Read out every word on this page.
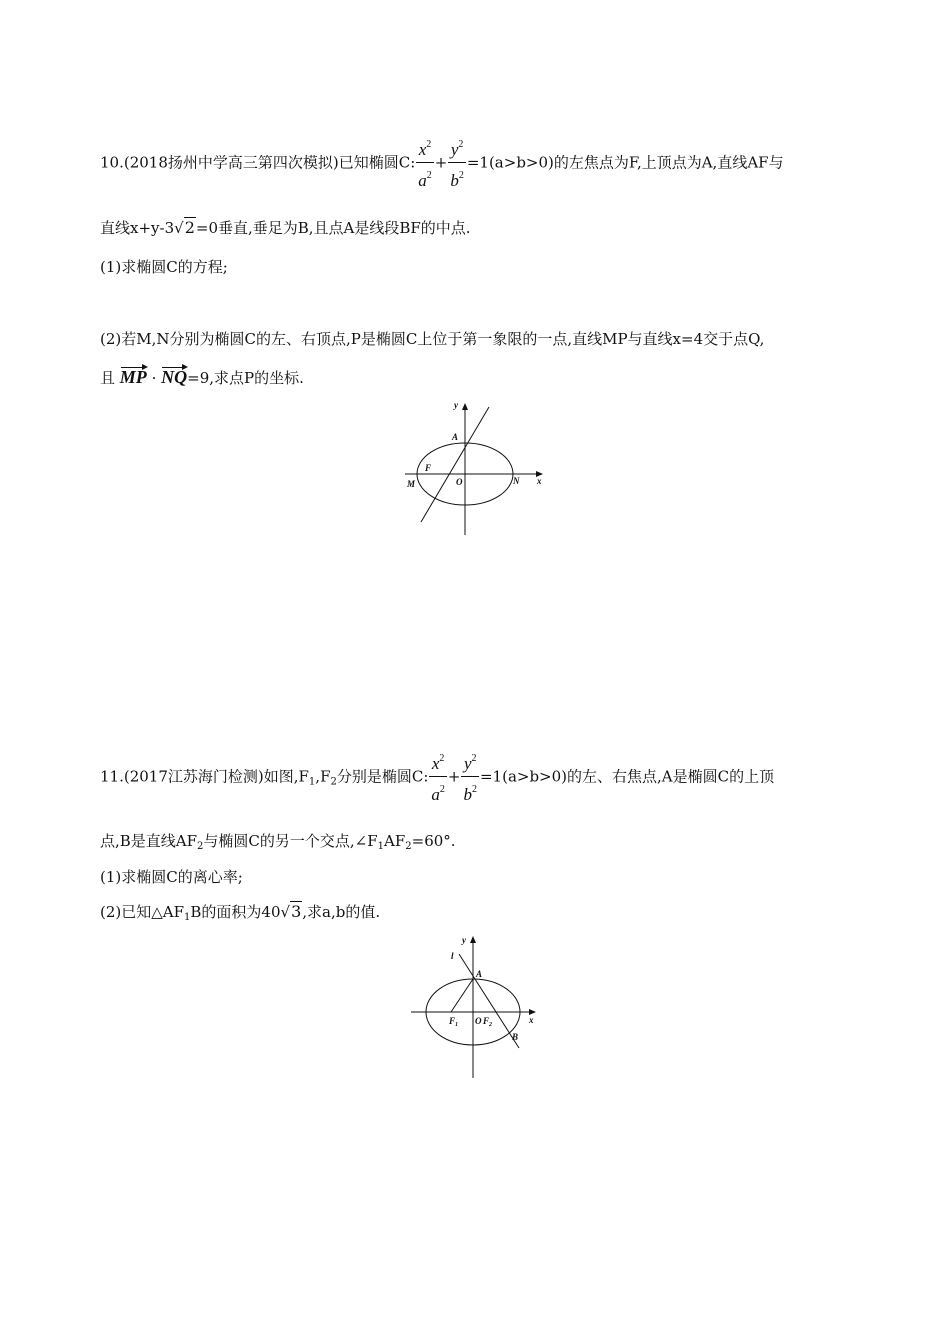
10.(2018扬州中学高三第四次模拟)已知椭圆C: $\frac{x^2}{a^2} + \frac{y^2}{b^2} =1(a>b>0)$的左焦点为F,上顶点为A,直线AF与
直线x+y-3√2=0垂直,垂足为B,且点A是线段BF的中点.
(1)求椭圆C的方程;
(2)若M,N分别为椭圆C的左、右顶点,P是椭圆C上位于第一象限的一点,直线MP与直线x=4交于点Q,
且 MP · NQ=9,求点P的坐标.
y
x
A
F
O
M	N
11.(2017江苏海门检测)如图$,F_1,F_2$分别是椭圆C: $\frac{x^2}{a^2} + \frac{y^2}{b^2} =1(a>b>0)$的左、右焦点,A是椭圆C的上顶
点,B是直线$AF_2$与椭圆C的另一个交点$,\angle F_1AF_2=60^\circ$.
(1)求椭圆C的离心率;
(2)已知$\triangle AF_1B$的面积为40√3,求a,b的值.
y
x
l
A
$F_1$ O $F_2$
B
